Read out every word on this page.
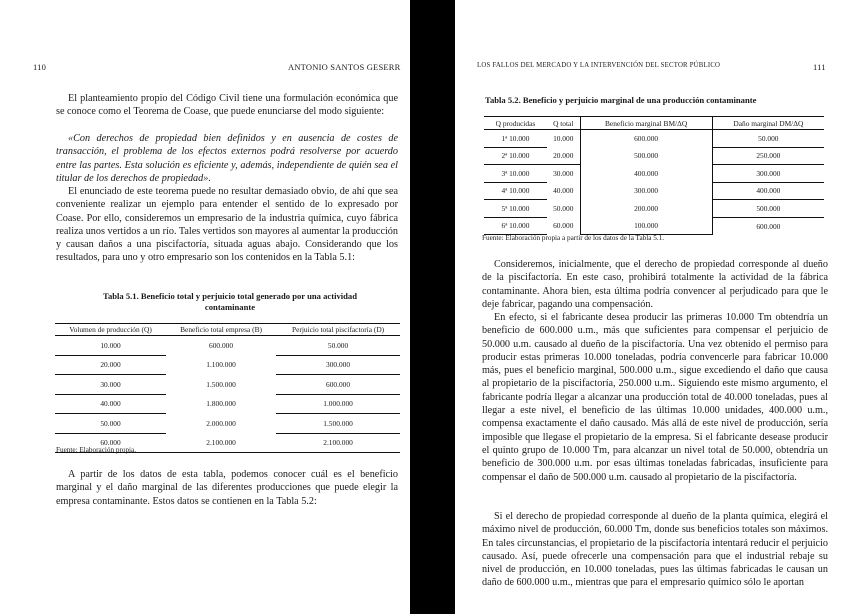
110	ANTONIO SANTOS GESERR

El planteamiento propio del Código Civil tiene una formulación económica que se conoce como el Teorema de Coase, que puede enunciarse del modo siguiente:

«Con derechos de propiedad bien definidos y en ausencia de costes de transacción, el problema de los efectos externos podrá resolverse por acuerdo entre las partes. Esta solución es eficiente y, además, independiente de quién sea el titular de los derechos de propiedad».

El enunciado de este teorema puede no resultar demasiado obvio, de ahí que sea conveniente realizar un ejemplo para entender el sentido de lo expresado por Coase. Por ello, consideremos un empresario de la industria química, cuyo fábrica realiza unos vertidos a un río. Tales vertidos son mayores al aumentar la producción y causan daños a una piscifactoría, situada aguas abajo. Considerando que los resultados, para uno y otro empresario son los contenidos en la Tabla 5.1:

Tabla 5.1. Beneficio total y perjuicio total generado por una actividad contaminante

Volumen de producción (Q)	Beneficio total empresa (B)	Perjuicio total piscifactoría (D)
10.000	600.000	50.000
20.000	1.100.000	300.000
30.000	1.500.000	600.000
40.000	1.800.000	1.000.000
50.000	2.000.000	1.500.000
60.000	2.100.000	2.100.000
Fuente: Elaboración propia.

A partir de los datos de esta tabla, podemos conocer cuál es el beneficio marginal y el daño marginal de las diferentes producciones que puede elegir la empresa contaminante. Estos datos se contienen en la Tabla 5.2:

LOS FALLOS DEL MERCADO Y LA INTERVENCIÓN DEL SECTOR PÚBLICO	111

Tabla 5.2. Beneficio y perjuicio marginal de una producción contaminante

Q producidas	Q total	Beneficio marginal BM/ΔQ	Daño marginal DM/ΔQ
1ª 10.000	10.000	600.000	50.000
2ª 10.000	20.000	500.000	250.000
3ª 10.000	30.000	400.000	300.000
4ª 10.000	40.000	300.000	400.000
5ª 10.000	50.000	200.000	500.000
6ª 10.000	60.000	100.000	600.000
Fuente: Elaboración propia a partir de los datos de la Tabla 5.1.

Consideremos, inicialmente, que el derecho de propiedad corresponde al dueño de la piscifactoría. En este caso, prohibirá totalmente la actividad de la fábrica contaminante. Ahora bien, esta última podría convencer al perjudicado para que le deje fabricar, pagando una compensación.

En efecto, si el fabricante desea producir las primeras 10.000 Tm obtendría un beneficio de 600.000 u.m., más que suficientes para compensar el perjuicio de 50.000 u.m. causado al dueño de la piscifactoría. Una vez obtenido el permiso para producir estas primeras 10.000 toneladas, podría convencerle para fabricar 10.000 más, pues el beneficio marginal, 500.000 u.m., sigue excediendo el daño que causa al propietario de la piscifactoría, 250.000 u.m.. Siguiendo este mismo argumento, el fabricante podría llegar a alcanzar una producción total de 40.000 toneladas, pues al llegar a este nivel, el beneficio de las últimas 10.000 unidades, 400.000 u.m., compensa exactamente el daño causado. Más allá de este nivel de producción, sería imposible que llegase el propietario de la empresa. Si el fabricante desease producir el quinto grupo de 10.000 Tm, para alcanzar un nivel total de 50.000, obtendría un beneficio de 300.000 u.m. por esas últimas toneladas fabricadas, insuficiente para compensar el daño de 500.000 u.m. causado al propietario de la piscifactoría.

Si el derecho de propiedad corresponde al dueño de la planta química, elegirá el máximo nivel de producción, 60.000 Tm, donde sus beneficios totales son máximos. En tales circunstancias, el propietario de la piscifactoría intentará reducir el perjuicio causado. Así, puede ofrecerle una compensación para que el industrial rebaje su nivel de producción, en 10.000 toneladas, pues las últimas fabricadas le causan un daño de 600.000 u.m., mientras que para el empresario químico sólo le aportan
